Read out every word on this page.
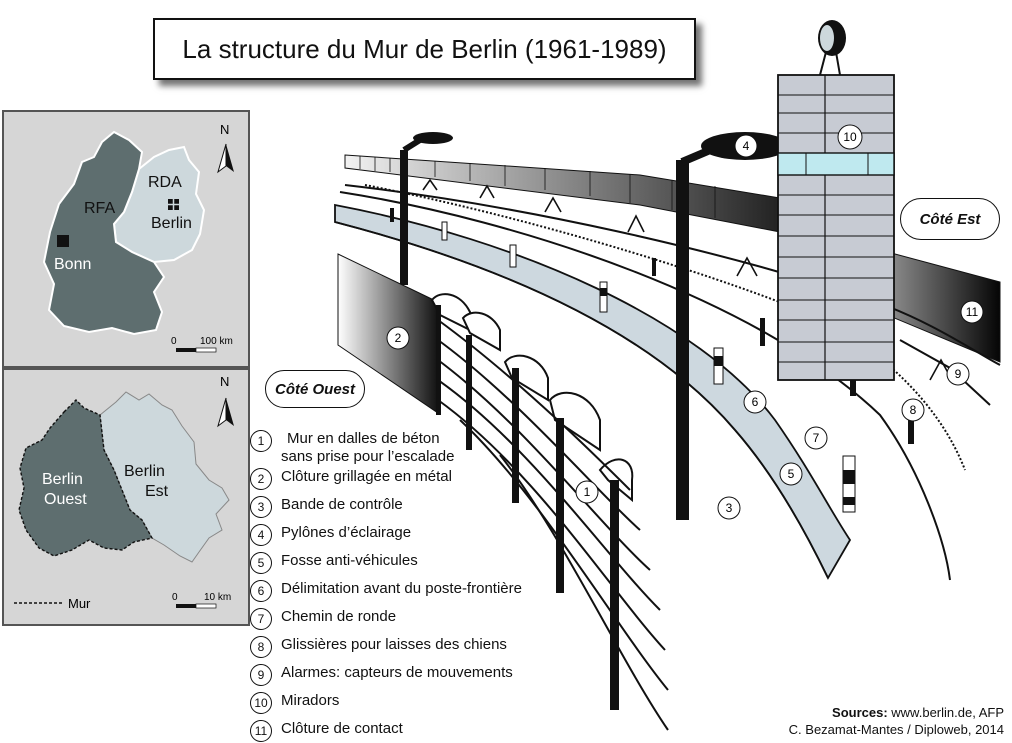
La structure du Mur de Berlin (1961-1989)
RFA
RDA
Berlin
Bonn
N
0 100 km
Berlin
Ouest
Berlin
Est
N
Mur	0	10 km
2
1
3
4
5
6
7
8
9
10
11
Côté Ouest
Côté Est
1	Mur en dalles de béton
sans prise pour l’escalade
2	Clôture grillagée en métal
3	Bande de contrôle
4	Pylônes d’éclairage
5	Fosse anti-véhicules
6	Délimitation avant du poste-frontière
7	Chemin de ronde
8	Glissières pour laisses des chiens
9	Alarmes: capteurs de mouvements
10 Miradors
11 Clôture de contact
Sources: www.berlin.de, AFP
C. Bezamat-Mantes / Diploweb, 2014
